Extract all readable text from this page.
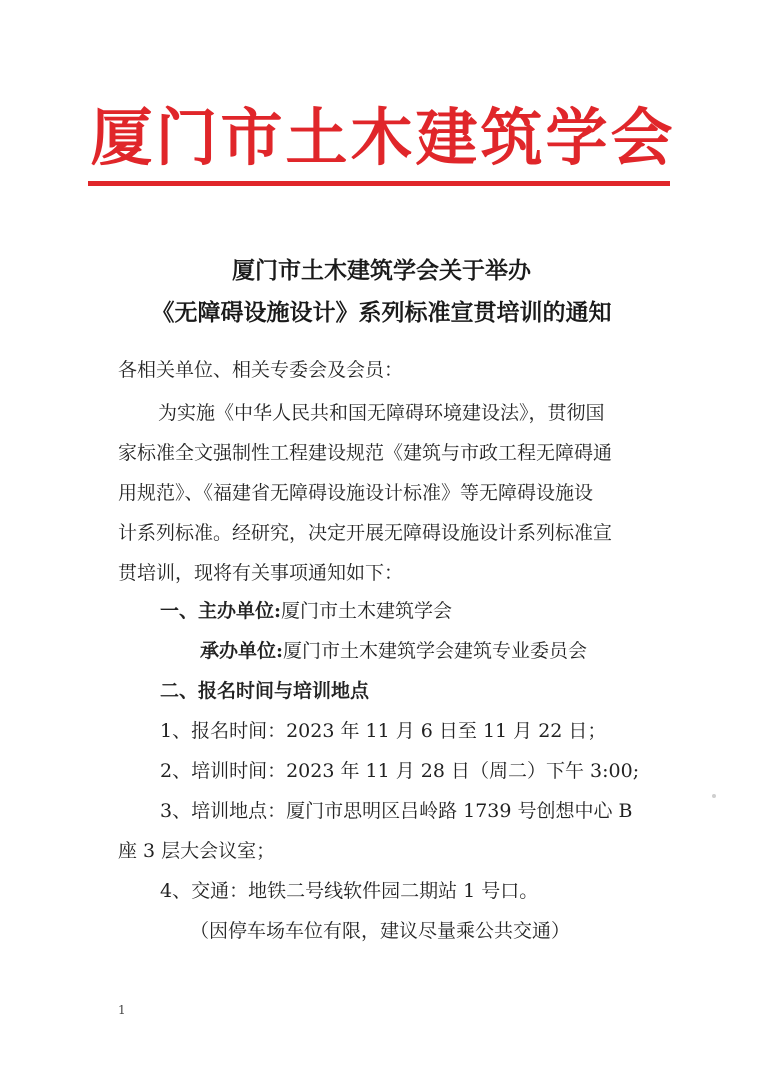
厦门市土木建筑学会
厦门市土木建筑学会关于举办
《无障碍设施设计》系列标准宣贯培训的通知
各相关单位、相关专委会及会员：
为实施《中华人民共和国无障碍环境建设法》，贯彻国
家标准全文强制性工程建设规范《建筑与市政工程无障碍通
用规范》、《福建省无障碍设施设计标准》等无障碍设施设
计系列标准。经研究，决定开展无障碍设施设计系列标准宣
贯培训，现将有关事项通知如下：
一、主办单位:厦门市土木建筑学会
承办单位:厦门市土木建筑学会建筑专业委员会
二、报名时间与培训地点
1、报名时间：2023 年 11 月 6 日至 11 月 22 日；
2、培训时间：2023 年 11 月 28 日（周二）下午 3:00;
3、培训地点：厦门市思明区吕岭路 1739 号创想中心 B
座 3 层大会议室；
4、交通：地铁二号线软件园二期站 1 号口。
（因停车场车位有限，建议尽量乘公共交通）
1
